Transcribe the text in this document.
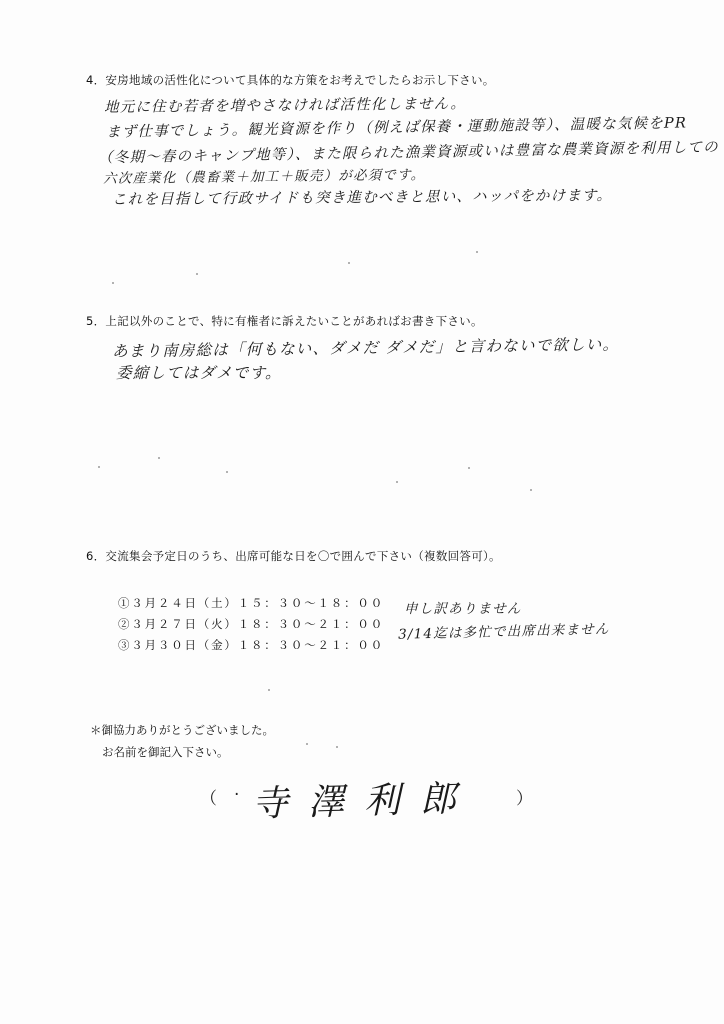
4．安房地域の活性化について具体的な方策をお考えでしたらお示し下さい。
地元に住む若者を増やさなければ活性化しません。
まず仕事でしょう。観光資源を作り（例えば保養・運動施設等）、温暖な気候をPR
（冬期～春のキャンプ地等）、また限られた漁業資源或いは豊富な農業資源を利用しての
六次産業化（農畜業＋加工＋販売）が必須です。
これを目指して行政サイドも突き進むべきと思い、ハッパをかけます。
5．上記以外のことで、特に有権者に訴えたいことがあればお書き下さい。
あまり南房総は「何もない、ダメだ ダメだ」と言わないで欲しい。
委縮してはダメです。
6．交流集会予定日のうち、出席可能な日を〇で囲んで下さい（複数回答可）。
①３月２４日（土）１５：３０～１８：００
②３月２７日（火）１８：３０～２１：００
③３月３０日（金）１８：３０～２１：００
申し訳ありません
3/14迄は多忙で出席出来ません
＊御協力ありがとうございました。
お名前を御記入下さい。
（ . 寺澤利郎 ）
